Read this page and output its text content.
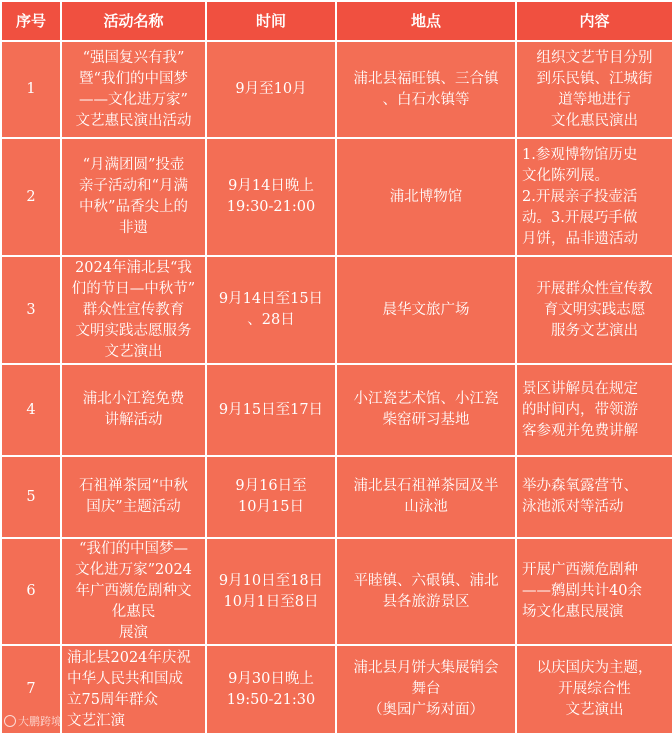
序号	活动名称	时间	地点	内容

1	“强国复兴有我”
暨“我们的中国梦
——文化进万家”
文艺惠民演出活动	9月至10月	浦北县福旺镇、三合镇
、白石水镇等	组织文艺节目分别
到乐民镇、江城街
道等地进行
文化惠民演出

2	“月满团圆”投壶
亲子活动和“月满
中秋”品香尖上的
非遗	9月14日晚上
19:30-21:00	浦北博物馆	1.参观博物馆历史
文化陈列展。
2.开展亲子投壶活
动。3.开展巧手做
月饼，品非遗活动

3	2024年浦北县“我
们的节日—中秋节”
群众性宣传教育
文明实践志愿服务
文艺演出	9月14日至15日
、28日	晨华文旅广场	开展群众性宣传教
育文明实践志愿
服务文艺演出

4	浦北小江瓷免费
讲解活动	9月15日至17日	小江瓷艺术馆、小江瓷
柴窑研习基地	景区讲解员在规定
的时间内，带领游
客参观并免费讲解

5	石祖禅茶园“中秋
国庆”主题活动	9月16日至
10月15日	浦北县石祖禅茶园及半
山泳池	举办森氧露营节、
泳池派对等活动

6	“我们的中国梦—
文化进万家”2024
年广西濒危剧种文
化惠民
展演	9月10日至18日
10月1日至8日	平睦镇、六硍镇、浦北
县各旅游景区	开展广西濒危剧种
——鹩剧共计40余
场文化惠民展演

7	浦北县2024年庆祝
中华人民共和国成
立75周年群众
文艺汇演	9月30日晚上
19:50-21:30	浦北县月饼大集展销会
舞台
（奥园广场对面）	以庆国庆为主题，
开展综合性
文艺演出
大鹏跨境
